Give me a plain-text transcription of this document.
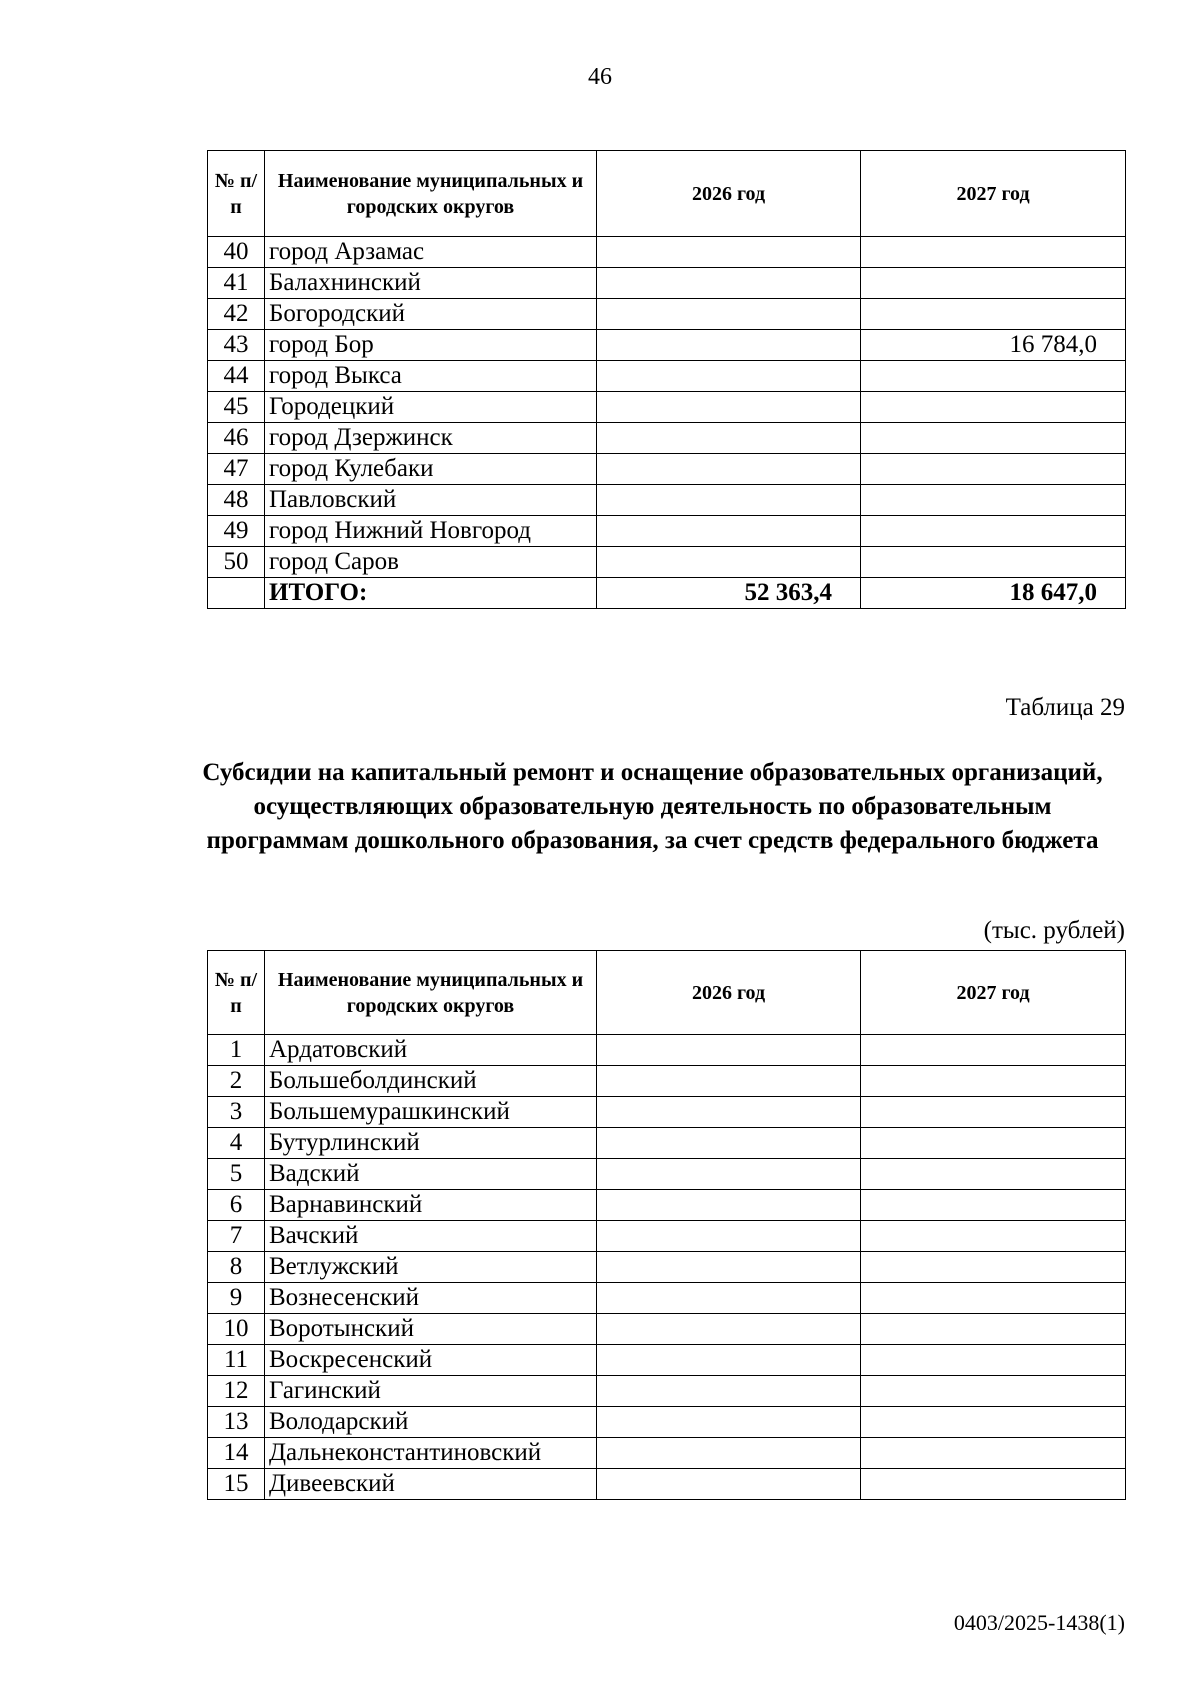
46
№ п/п	Наименование муниципальных и городских округов	2026 год	2027 год
40	город Арзамас		
41	Балахнинский		
42	Богородский		
43	город Бор		16 784,0
44	город Выкса		
45	Городецкий		
46	город Дзержинск		
47	город Кулебаки		
48	Павловский		
49	город Нижний Новгород		
50	город Саров		
	ИТОГО:	52 363,4	18 647,0
Таблица 29
Субсидии на капитальный ремонт и оснащение образовательных организаций, осуществляющих образовательную деятельность по образовательным программам дошкольного образования, за счет средств федерального бюджета
(тыс. рублей)
№ п/п	Наименование муниципальных и городских округов	2026 год	2027 год
1	Ардатовский		
2	Большеболдинский		
3	Большемурашкинский		
4	Бутурлинский		
5	Вадский		
6	Варнавинский		
7	Вачский		
8	Ветлужский		
9	Вознесенский		
10	Воротынский		
11	Воскресенский		
12	Гагинский		
13	Володарский		
14	Дальнеконстантиновский		
15	Дивеевский		
0403/2025-1438(1)
